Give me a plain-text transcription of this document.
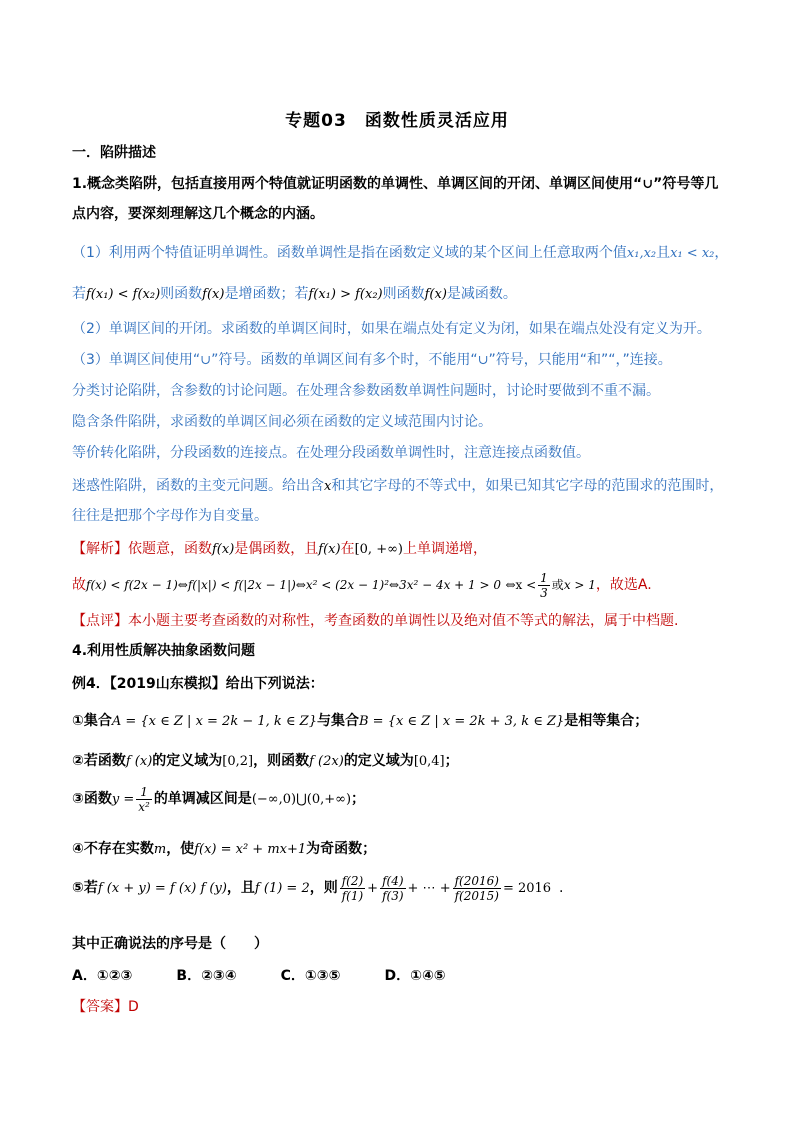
专题03　函数性质灵活应用
一．陷阱描述
1.概念类陷阱，包括直接用两个特值就证明函数的单调性、单调区间的开闭、单调区间使用“∪”符号等几
点内容，要深刻理解这几个概念的内涵。
（1）利用两个特值证明单调性。函数单调性是指在函数定义域的某个区间上任意取两个值x₁,x₂且x₁ < x₂，
若f(x₁) < f(x₂)则函数f(x)是增函数；若f(x₁) > f(x₂)则函数f(x)是减函数。
（2）单调区间的开闭。求函数的单调区间时，如果在端点处有定义为闭，如果在端点处没有定义为开。
（3）单调区间使用“∪”符号。函数的单调区间有多个时，不能用“∪”符号，只能用“和”“，”连接。
分类讨论陷阱，含参数的讨论问题。在处理含参数函数单调性问题时，讨论时要做到不重不漏。
隐含条件陷阱，求函数的单调区间必须在函数的定义域范围内讨论。
等价转化陷阱，分段函数的连接点。在处理分段函数单调性时，注意连接点函数值。
迷惑性陷阱，函数的主变元问题。给出含x和其它字母的不等式中，如果已知其它字母的范围求的范围时，
往往是把那个字母作为自变量。
【解析】依题意，函数f(x)是偶函数，且f(x)在[0, +∞)上单调递增，
故f(x) < f(2x − 1)⇔f(|x|) < f(|2x − 1|)⇔x² < (2x − 1)²⇔3x² − 4x + 1 > 0 ⇔x < $\frac{1}{3}$ 或x > 1，故选A.
【点评】本小题主要考查函数的对称性，考查函数的单调性以及绝对值不等式的解法，属于中档题.
4.利用性质解决抽象函数问题
例4．【2019山东模拟】给出下列说法：
①集合A = {x ∈ Z | x = 2k − 1, k ∈ Z}与集合B = {x ∈ Z | x = 2k + 3, k ∈ Z}是相等集合；
②若函数f (x)的定义域为[0,2]，则函数f (2x)的定义域为[0,4]；
③函数$y = \frac{1}{\text{x²}}$ 的单调减区间是(−∞,0)⋃(0,+∞)；
④不存在实数m，使f(x) = x² + mx+1为奇函数；
⑤若f (x + y) = f (x) f (y)，且f (1) = 2，则 $\frac{f(2)}{f(1)} + \frac{f(4)}{f(3)}$ + ⋯ + $\frac{f(2016)}{f(2015)} = 2016$ .
其中正确说法的序号是（　　）
A．①②③	B．②③④	C．①③⑤	D．①④⑤
【答案】D
